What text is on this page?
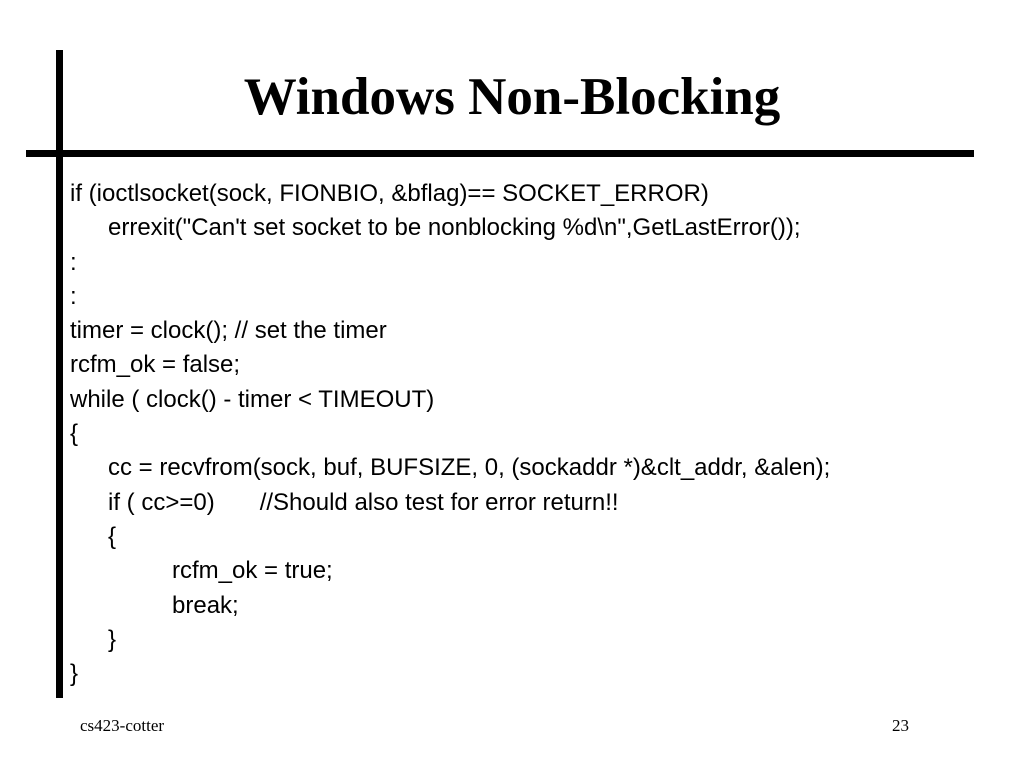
Windows Non-Blocking
if (ioctlsocket(sock, FIONBIO, &bflag)== SOCKET_ERROR)
errexit("Can't set socket to be nonblocking %d\n",GetLastError());
:
:
timer = clock(); // set the timer
rcfm_ok = false;
while ( clock() - timer < TIMEOUT)
{
cc = recvfrom(sock, buf, BUFSIZE, 0, (sockaddr *)&clt_addr, &alen);
if ( cc>=0) //Should also test for error return!!
{
rcfm_ok = true;
break;
}
}
cs423-cotter	23
